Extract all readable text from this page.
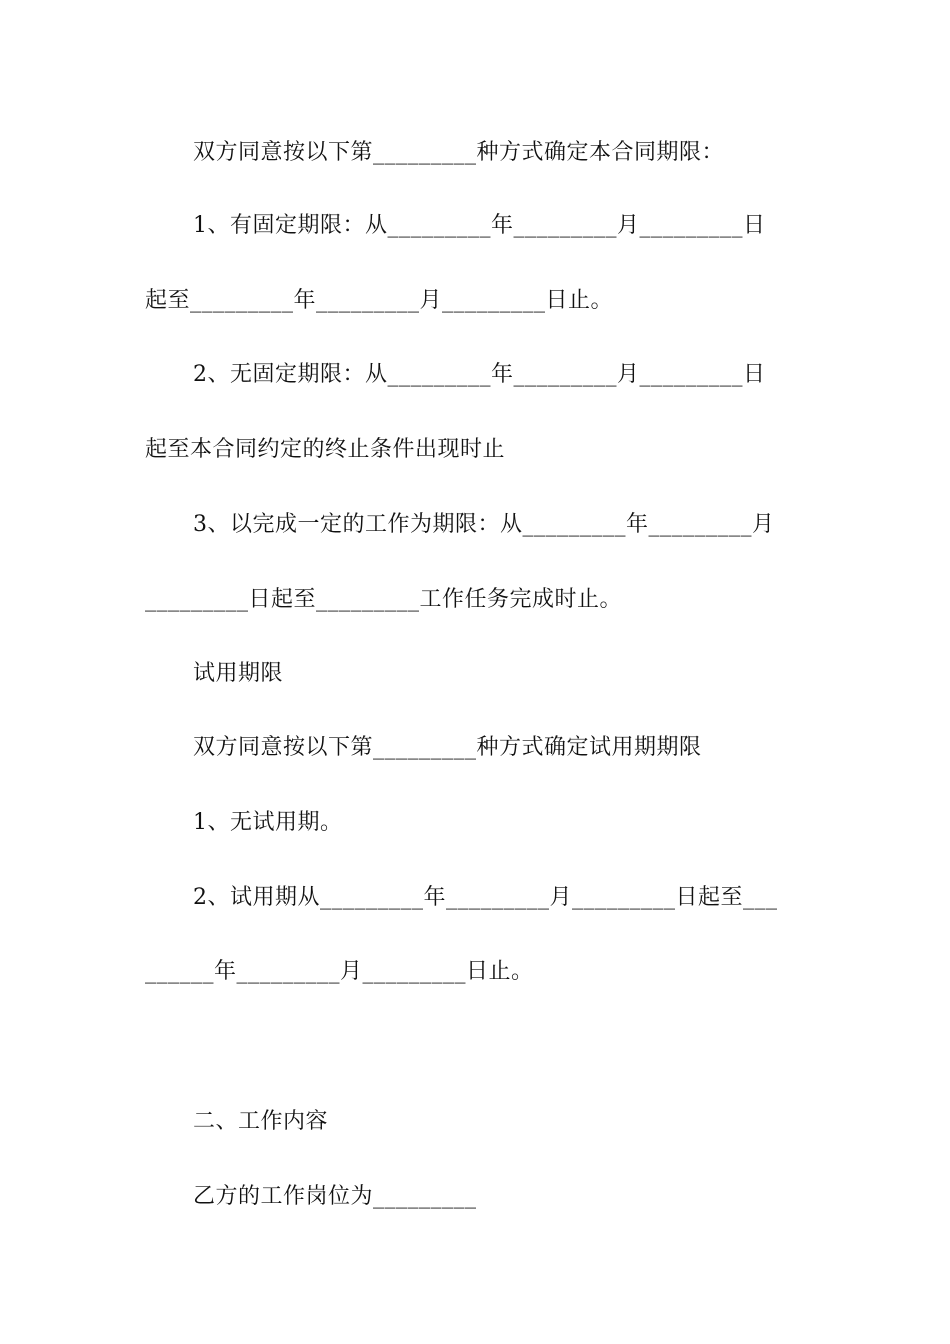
双方同意按以下第_________种方式确定本合同期限：
1、有固定期限：从_________年_________月_________日
起至_________年_________月_________日止。
2、无固定期限：从_________年_________月_________日
起至本合同约定的终止条件出现时止
3、以完成一定的工作为期限：从_________年_________月
_________日起至_________工作任务完成时止。
试用期限
双方同意按以下第_________种方式确定试用期期限
1、无试用期。
2、试用期从_________年_________月_________日起至___
______年_________月_________日止。
二、工作内容
乙方的工作岗位为_________
